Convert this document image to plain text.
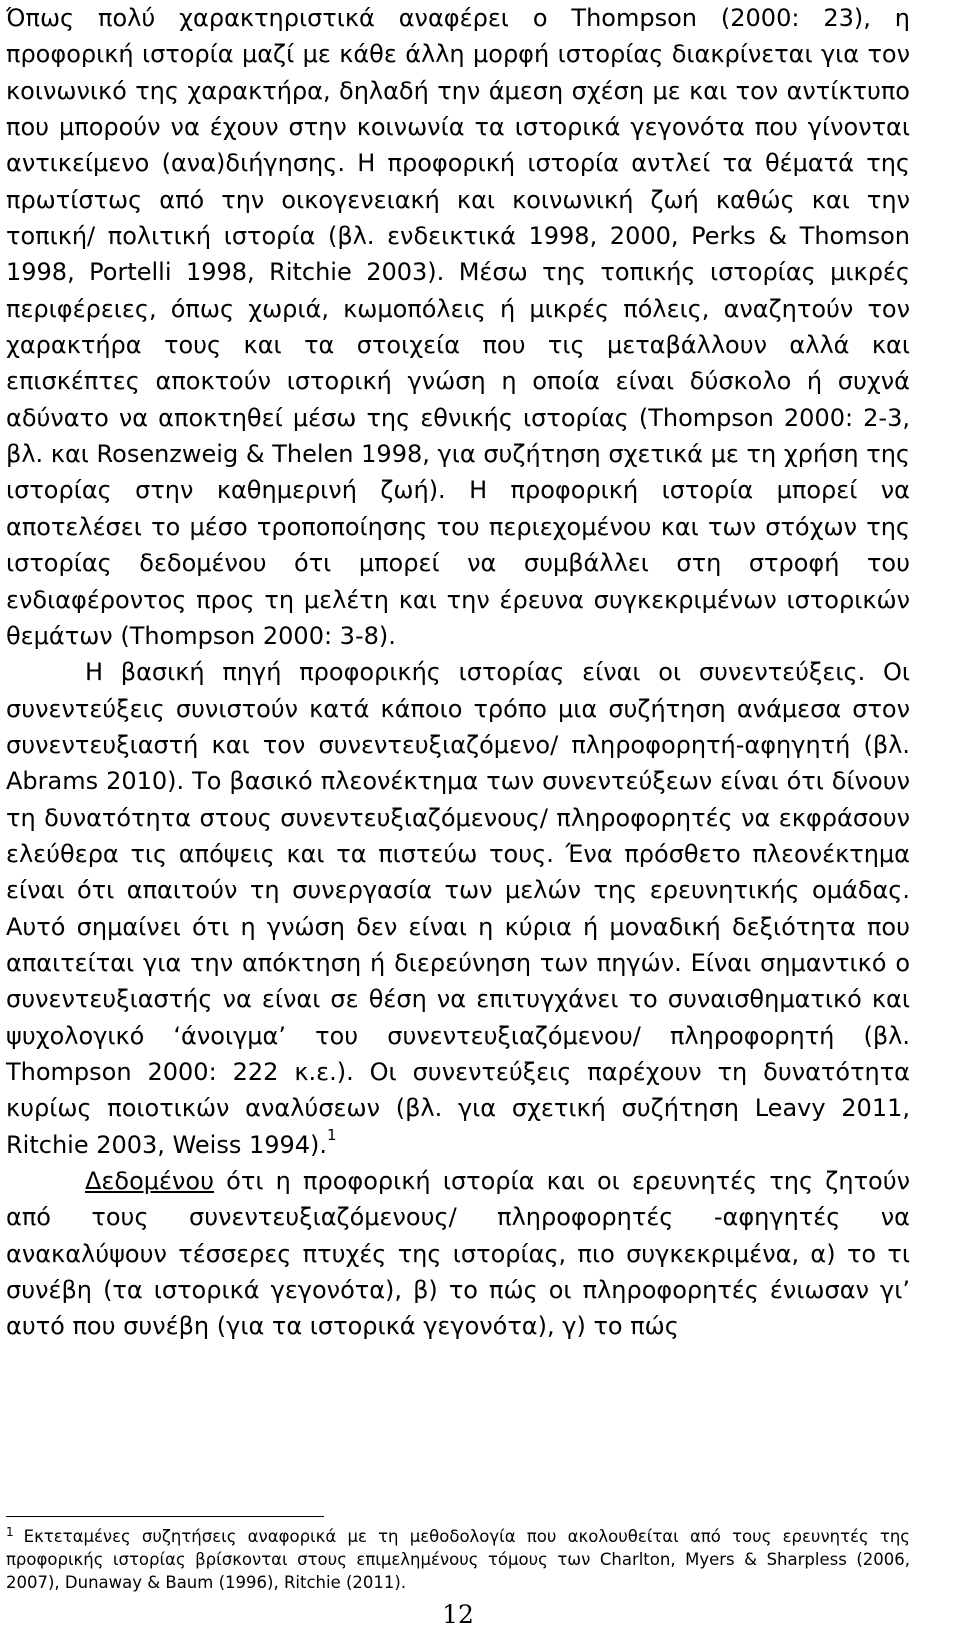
Όπως πολύ χαρακτηριστικά αναφέρει ο Thompson (2000: 23), η προφορική ιστορία μαζί με κάθε άλλη μορφή ιστορίας διακρίνεται για τον κοινωνικό της χαρακτήρα, δηλαδή την άμεση σχέση με και τον αντίκτυπο που μπορούν να έχουν στην κοινωνία τα ιστορικά γεγονότα που γίνονται αντικείμενο (ανα)διήγησης. Η προφορική ιστορία αντλεί τα θέματά της πρωτίστως από την οικογενειακή και κοινωνική ζωή καθώς και την τοπική/ πολιτική ιστορία (βλ. ενδεικτικά 1998, 2000, Perks & Thomson 1998, Portelli 1998, Ritchie 2003). Μέσω της τοπικής ιστορίας μικρές περιφέρειες, όπως χωριά, κωμοπόλεις ή μικρές πόλεις, αναζητούν τον χαρακτήρα τους και τα στοιχεία που τις μεταβάλλουν αλλά και επισκέπτες αποκτούν ιστορική γνώση η οποία είναι δύσκολο ή συχνά αδύνατο να αποκτηθεί μέσω της εθνικής ιστορίας (Thompson 2000: 2-3, βλ. και Rosenzweig & Thelen 1998, για συζήτηση σχετικά με τη χρήση της ιστορίας στην καθημερινή ζωή). Η προφορική ιστορία μπορεί να αποτελέσει το μέσο τροποποίησης του περιεχομένου και των στόχων της ιστορίας δεδομένου ότι μπορεί να συμβάλλει στη στροφή του ενδιαφέροντος προς τη μελέτη και την έρευνα συγκεκριμένων ιστορικών θεμάτων (Thompson 2000: 3-8).

Η βασική πηγή προφορικής ιστορίας είναι οι συνεντεύξεις. Οι συνεντεύξεις συνιστούν κατά κάποιο τρόπο μια συζήτηση ανάμεσα στον συνεντευξιαστή και τον συνεντευξιαζόμενο/ πληροφορητή-αφηγητή (βλ. Abrams 2010). Το βασικό πλεονέκτημα των συνεντεύξεων είναι ότι δίνουν τη δυνατότητα στους συνεντευξιαζόμενους/ πληροφορητές να εκφράσουν ελεύθερα τις απόψεις και τα πιστεύω τους. Ένα πρόσθετο πλεονέκτημα είναι ότι απαιτούν τη συνεργασία των μελών της ερευνητικής ομάδας. Αυτό σημαίνει ότι η γνώση δεν είναι η κύρια ή μοναδική δεξιότητα που απαιτείται για την απόκτηση ή διερεύνηση των πηγών. Είναι σημαντικό ο συνεντευξιαστής να είναι σε θέση να επιτυγχάνει το συναισθηματικό και ψυχολογικό ‘άνοιγμα’ του συνεντευξιαζόμενου/ πληροφορητή (βλ. Thompson 2000: 222 κ.ε.). Οι συνεντεύξεις παρέχουν τη δυνατότητα κυρίως ποιοτικών αναλύσεων (βλ. για σχετική συζήτηση Leavy 2011, Ritchie 2003, Weiss 1994).$^1$

Δεδομένου ότι η προφορική ιστορία και οι ερευνητές της ζητούν από τους συνεντευξιαζόμενους/ πληροφορητές -αφηγητές να ανακαλύψουν τέσσερες πτυχές της ιστορίας, πιο συγκεκριμένα, α) το τι συνέβη (τα ιστορικά γεγονότα), β) το πώς οι πληροφορητές ένιωσαν γι’ αυτό που συνέβη (για τα ιστορικά γεγονότα), γ) το πώς

$^1$ Εκτεταμένες συζητήσεις αναφορικά με τη μεθοδολογία που ακολουθείται από τους ερευνητές της προφορικής ιστορίας βρίσκονται στους επιμελημένους τόμους των Charlton, Myers & Sharpless (2006, 2007), Dunaway & Baum (1996), Ritchie (2011).

12
